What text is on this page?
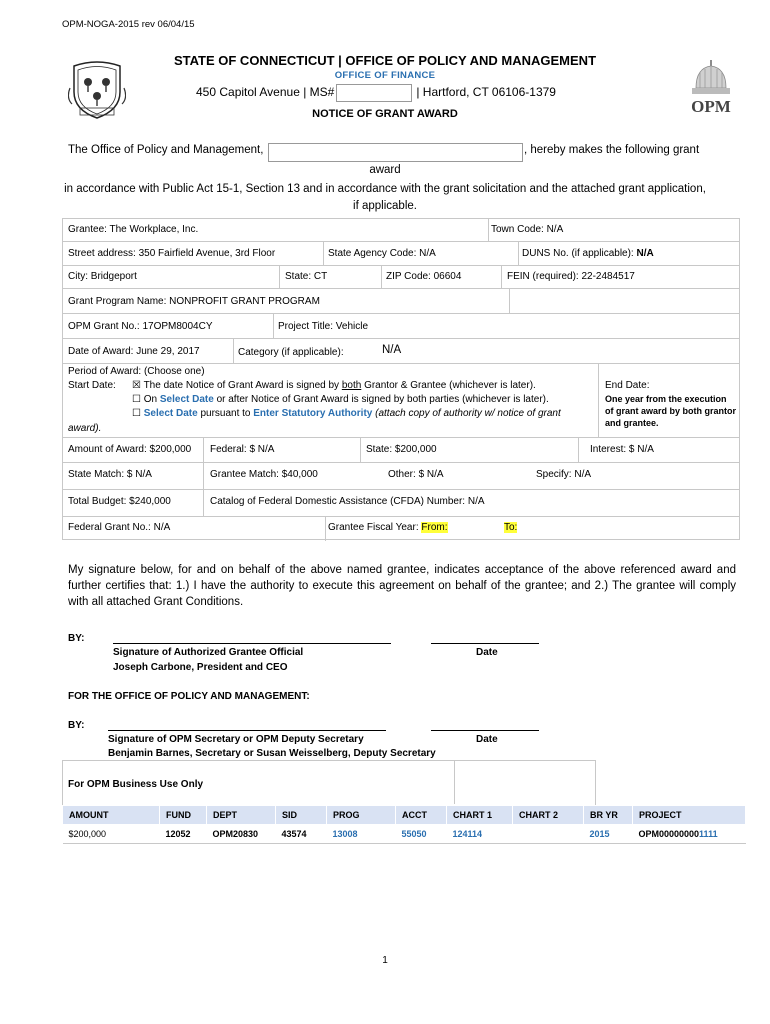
OPM-NOGA-2015 rev 06/04/15
STATE OF CONNECTICUT | OFFICE OF POLICY AND MANAGEMENT
OFFICE OF FINANCE
450 Capitol Avenue | MS#	| Hartford, CT 06106-1379
NOTICE OF GRANT AWARD	OPM
The Office of Policy and Management,	, hereby makes the following grant
award
in accordance with Public Act 15-1, Section 13 and in accordance with the grant solicitation and the attached grant application, if applicable.
Grantee: The Workplace, Inc.	Town Code: N/A
Street address: 350 Fairfield Avenue, 3rd Floor	State Agency Code: N/A	DUNS No. (if applicable): N/A
City: Bridgeport	State: CT	ZIP Code: 06604	FEIN (required): 22-2484517
Grant Program Name: NONPROFIT GRANT PROGRAM
OPM Grant No.: 17OPM8004CY	Project Title: Vehicle
Date of Award: June 29, 2017	Category (if applicable):	N/A
Period of Award: (Choose one)
Start Date: ☒ The date Notice of Grant Award is signed by both Grantor & Grantee (whichever is later).
☐ On Select Date or after Notice of Grant Award is signed by both parties (whichever is later).
☐ Select Date pursuant to Enter Statutory Authority (attach copy of authority w/ notice of grant
award).
End Date:
One year from the execution
of grant award by both grantor
and grantee.
Amount of Award: $200,000 Federal: $ N/A	State: $200,000	Interest: $ N/A
State Match: $ N/A	Grantee Match: $40,000	Other: $ N/A	Specify: N/A
Total Budget: $240,000	Catalog of Federal Domestic Assistance (CFDA) Number: N/A
Federal Grant No.: N/A	Grantee Fiscal Year: From:	To:
My signature below, for and on behalf of the above named grantee, indicates acceptance of the above referenced award and further certifies that: 1.) I have the authority to execute this agreement on behalf of the grantee; and 2.) The grantee will comply with all attached Grant Conditions.
BY:
Signature of Authorized Grantee Official	Date
Joseph Carbone, President and CEO
FOR THE OFFICE OF POLICY AND MANAGEMENT:
BY:
Signature of OPM Secretary or OPM Deputy Secretary	Date
Benjamin Barnes, Secretary or Susan Weisselberg, Deputy Secretary
For OPM Business Use Only
AMOUNT	FUND	DEPT	SID	PROG	ACCT	CHART 1	CHART 2	BR YR	PROJECT
$200,000	12052	OPM20830	43574	13008	55050	124114		2015	OPM000000001111
1
